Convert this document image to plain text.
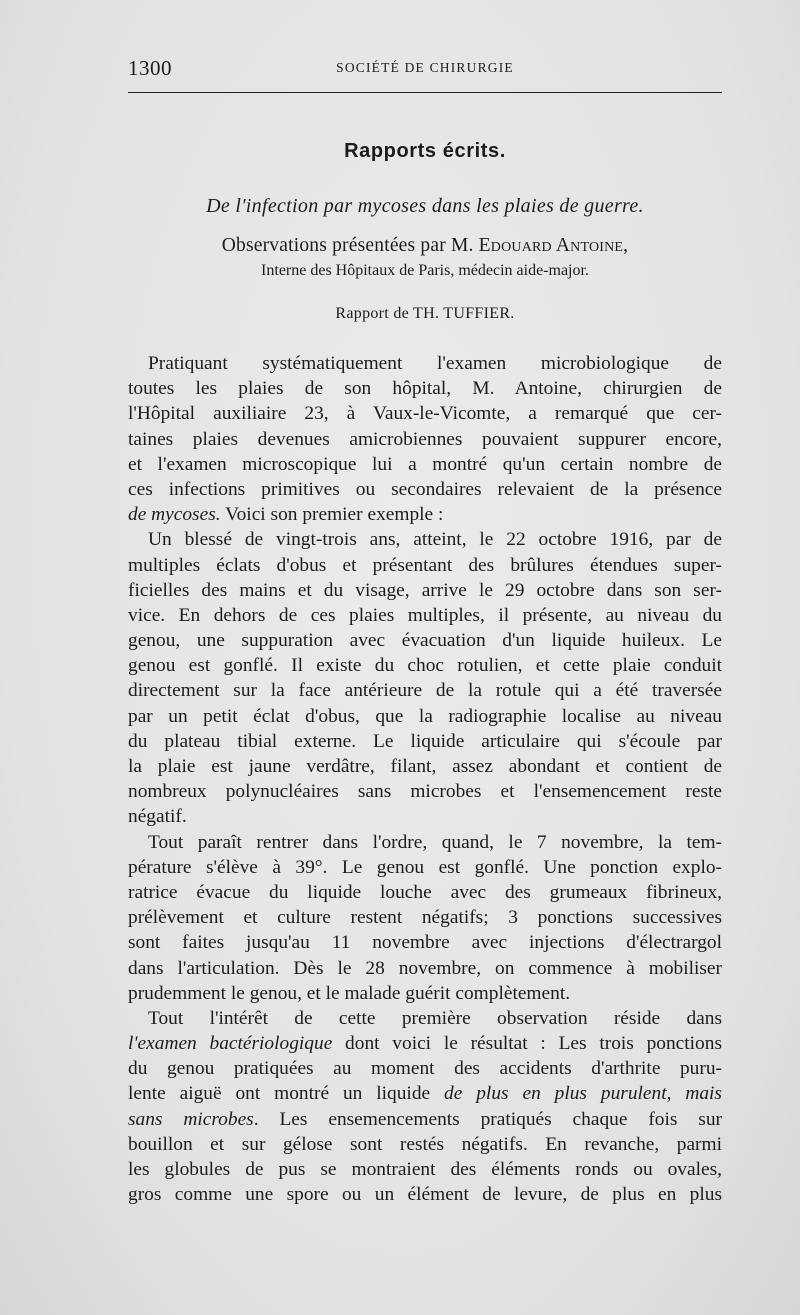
1300	SOCIÉTÉ DE CHIRURGIE
Rapports écrits.
De l'infection par mycoses dans les plaies de guerre.
Observations présentées par M. Edouard Antoine,
Interne des Hôpitaux de Paris, médecin aide-major.
Rapport de TH. TUFFIER.
Pratiquant systématiquement l'examen microbiologique de
toutes les plaies de son hôpital, M. Antoine, chirurgien de
l'Hôpital auxiliaire 23, à Vaux-le-Vicomte, a remarqué que cer-
taines plaies devenues amicrobiennes pouvaient suppurer encore,
et l'examen microscopique lui a montré qu'un certain nombre de
ces infections primitives ou secondaires relevaient de la présence
de mycoses. Voici son premier exemple :
Un blessé de vingt-trois ans, atteint, le 22 octobre 1916, par de
multiples éclats d'obus et présentant des brûlures étendues super-
ficielles des mains et du visage, arrive le 29 octobre dans son ser-
vice. En dehors de ces plaies multiples, il présente, au niveau du
genou, une suppuration avec évacuation d'un liquide huileux. Le
genou est gonflé. Il existe du choc rotulien, et cette plaie conduit
directement sur la face antérieure de la rotule qui a été traversée
par un petit éclat d'obus, que la radiographie localise au niveau
du plateau tibial externe. Le liquide articulaire qui s'écoule par
la plaie est jaune verdâtre, filant, assez abondant et contient de
nombreux polynucléaires sans microbes et l'ensemencement reste
négatif.
Tout paraît rentrer dans l'ordre, quand, le 7 novembre, la tem-
pérature s'élève à 39°. Le genou est gonflé. Une ponction explo-
ratrice évacue du liquide louche avec des grumeaux fibrineux,
prélèvement et culture restent négatifs; 3 ponctions successives
sont faites jusqu'au 11 novembre avec injections d'électrargol
dans l'articulation. Dès le 28 novembre, on commence à mobiliser
prudemment le genou, et le malade guérit complètement.
Tout l'intérêt de cette première observation réside dans
l'examen bactériologique dont voici le résultat : Les trois ponctions
du genou pratiquées au moment des accidents d'arthrite puru-
lente aiguë ont montré un liquide de plus en plus purulent, mais
sans microbes. Les ensemencements pratiqués chaque fois sur
bouillon et sur gélose sont restés négatifs. En revanche, parmi
les globules de pus se montraient des éléments ronds ou ovales,
gros comme une spore ou un élément de levure, de plus en plus
